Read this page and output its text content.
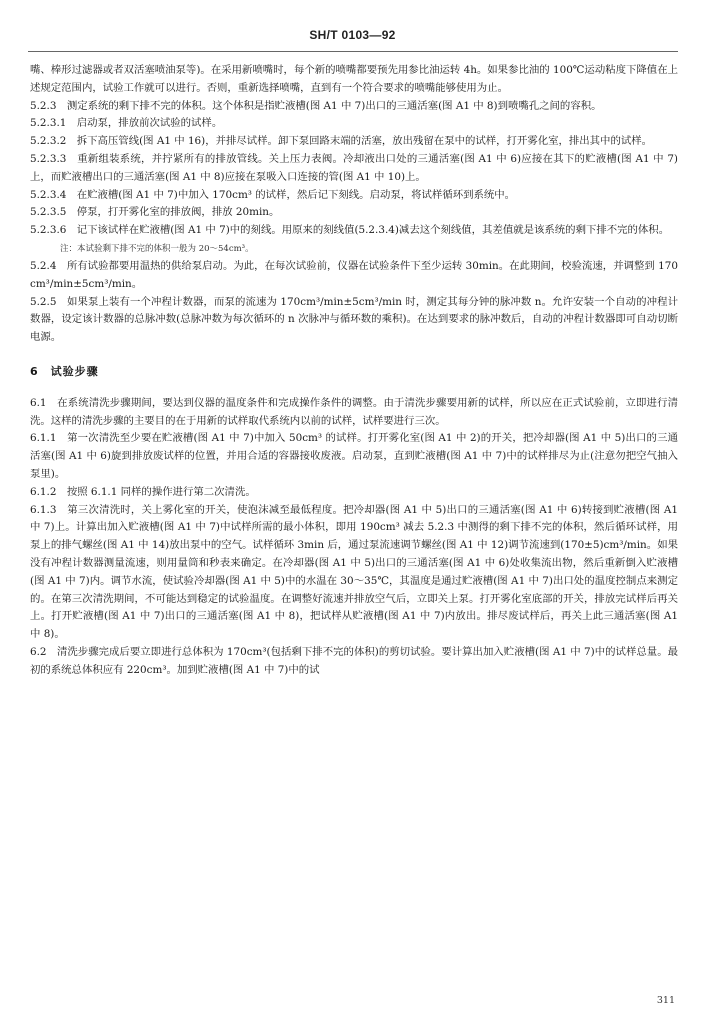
SH/T 0103—92

嘴、棒形过滤器或者双活塞喷油泵等)。在采用新喷嘴时，每个新的喷嘴都要预先用参比油运转 4h。如果参比油的 100℃运动粘度下降值在上述规定范围内，试验工作就可以进行。否则，重新选择喷嘴，直到有一个符合要求的喷嘴能够使用为止。

5.2.3　测定系统的剩下排不完的体积。这个体积是指贮液槽(图 A1 中 7)出口的三通活塞(图 A1 中 8)到喷嘴孔之间的容积。

5.2.3.1　启动泵，排放前次试验的试样。

5.2.3.2　拆下高压管线(图 A1 中 16)，并排尽试样。卸下泵回路末端的活塞，放出残留在泵中的试样，打开雾化室，排出其中的试样。

5.2.3.3　重新组装系统，并拧紧所有的排放管线。关上压力表阀。冷却液出口处的三通活塞(图 A1 中 6)应接在其下的贮液槽(图 A1 中 7)上，而贮液槽出口的三通活塞(图 A1 中 8)应接在泵吸入口连接的管(图 A1 中 10)上。

5.2.3.4　在贮液槽(图 A1 中 7)中加入 170cm³ 的试样，然后记下刻线。启动泵，将试样循环到系统中。

5.2.3.5　停泵，打开雾化室的排放阀，排放 20min。

5.2.3.6　记下该试样在贮液槽(图 A1 中 7)中的刻线。用原来的刻线值(5.2.3.4)减去这个刻线值，其差值就是该系统的剩下排不完的体积。

注：本试验剩下排不完的体积一般为 20～54cm³。

5.2.4　所有试验都要用温热的供给泵启动。为此，在每次试验前，仪器在试验条件下至少运转 30min。在此期间，校验流速，并调整到 170cm³/min±5cm³/min。

5.2.5　如果泵上装有一个冲程计数器，而泵的流速为 170cm³/min±5cm³/min 时，测定其每分钟的脉冲数 n。允许安装一个自动的冲程计数器，设定该计数器的总脉冲数(总脉冲数为每次循环的 n 次脉冲与循环数的乘积)。在达到要求的脉冲数后，自动的冲程计数器即可自动切断电源。

6　试验步骤

6.1　在系统清洗步骤期间，要达到仪器的温度条件和完成操作条件的调整。由于清洗步骤要用新的试样，所以应在正式试验前，立即进行清洗。这样的清洗步骤的主要目的在于用新的试样取代系统内以前的试样，试样要进行三次。

6.1.1　第一次清洗至少要在贮液槽(图 A1 中 7)中加入 50cm³ 的试样。打开雾化室(图 A1 中 2)的开关，把冷却器(图 A1 中 5)出口的三通活塞(图 A1 中 6)旋到排放废试样的位置，并用合适的容器接收废液。启动泵，直到贮液槽(图 A1 中 7)中的试样排尽为止(注意勿把空气抽入泵里)。

6.1.2　按照 6.1.1 同样的操作进行第二次清洗。

6.1.3　第三次清洗时，关上雾化室的开关，使泡沫减至最低程度。把冷却器(图 A1 中 5)出口的三通活塞(图 A1 中 6)转接到贮液槽(图 A1 中 7)上。计算出加入贮液槽(图 A1 中 7)中试样所需的最小体积，即用 190cm³ 减去 5.2.3 中测得的剩下排不完的体积，然后循环试样，用泵上的排气螺丝(图 A1 中 14)放出泵中的空气。试样循环 3min 后，通过泵流速调节螺丝(图 A1 中 12)调节流速到(170±5)cm³/min。如果没有冲程计数器测量流速，则用量筒和秒表来确定。在冷却器(图 A1 中 5)出口的三通活塞(图 A1 中 6)处收集流出物，然后重新倒入贮液槽(图 A1 中 7)内。调节水流，使试验冷却器(图 A1 中 5)中的水温在 30～35℃，其温度是通过贮液槽(图 A1 中 7)出口处的温度控制点来测定的。在第三次清洗期间，不可能达到稳定的试验温度。在调整好流速并排放空气后，立即关上泵。打开雾化室底部的开关，排放完试样后再关上。打开贮液槽(图 A1 中 7)出口的三通活塞(图 A1 中 8)，把试样从贮液槽(图 A1 中 7)内放出。排尽废试样后，再关上此三通活塞(图 A1 中 8)。

6.2　清洗步骤完成后要立即进行总体积为 170cm³(包括剩下排不完的体积)的剪切试验。要计算出加入贮液槽(图 A1 中 7)中的试样总量。最初的系统总体积应有 220cm³。加到贮液槽(图 A1 中 7)中的试

311
